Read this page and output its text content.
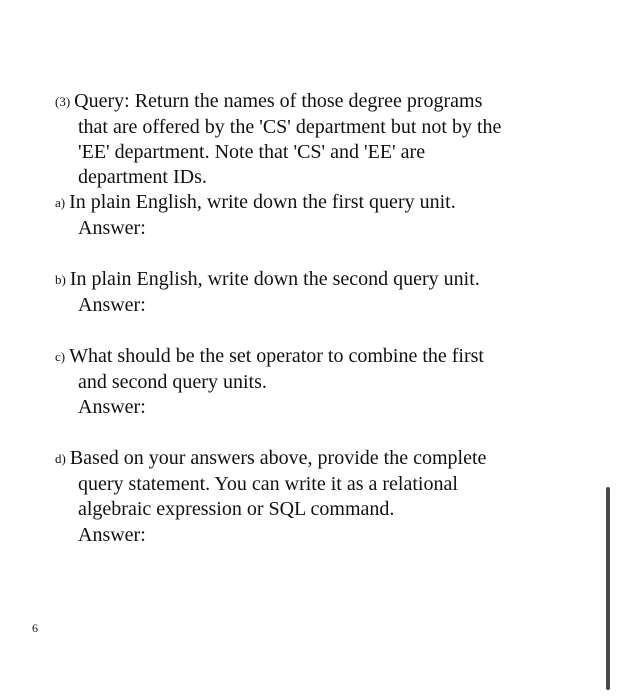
(3) Query: Return the names of those degree programs
that are offered by the 'CS' department but not by the
'EE' department. Note that 'CS' and 'EE' are
department IDs.
a) In plain English, write down the first query unit.
Answer:
b) In plain English, write down the second query unit.
Answer:
c) What should be the set operator to combine the first
and second query units.
Answer:
d) Based on your answers above, provide the complete
query statement. You can write it as a relational
algebraic expression or SQL command.
Answer:
6
